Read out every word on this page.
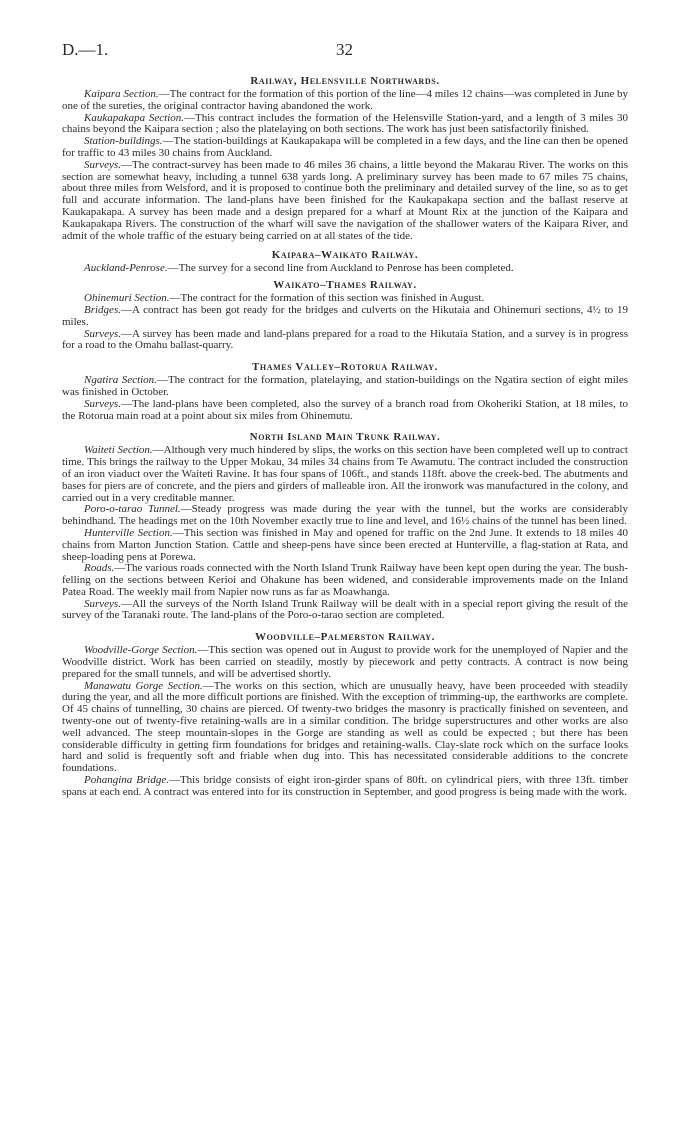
D.—1.	32
Railway, Helensville Northwards.

Kaipara Section.—The contract for the formation of this portion of the line—4 miles 12 chains—was completed in June by one of the sureties, the original contractor having abandoned the work.

Kaukapakapa Section.—This contract includes the formation of the Helensville Station-yard, and a length of 3 miles 30 chains beyond the Kaipara section ; also the platelaying on both sections. The work has just been satisfactorily finished.

Station-buildings.—The station-buildings at Kaukapakapa will be completed in a few days, and the line can then be opened for traffic to 43 miles 30 chains from Auckland.

Surveys.—The contract-survey has been made to 46 miles 36 chains, a little beyond the Makarau River. The works on this section are somewhat heavy, including a tunnel 638 yards long. A preliminary survey has been made to 67 miles 75 chains, about three miles from Welsford, and it is proposed to continue both the preliminary and detailed survey of the line, so as to get full and accurate information. The land-plans have been finished for the Kaukapakapa section and the ballast reserve at Kaukapakapa. A survey has been made and a design prepared for a wharf at Mount Rix at the junction of the Kaipara and Kaukapakapa Rivers. The construction of the wharf will save the navigation of the shallower waters of the Kaipara River, and admit of the whole traffic of the estuary being carried on at all states of the tide.

Kaipara–Waikato Railway.

Auckland-Penrose.—The survey for a second line from Auckland to Penrose has been completed.

Waikato–Thames Railway.

Ohinemuri Section.—The contract for the formation of this section was finished in August.

Bridges.—A contract has been got ready for the bridges and culverts on the Hikutaia and Ohinemuri sections, 4½ to 19 miles.

Surveys.—A survey has been made and land-plans prepared for a road to the Hikutaia Station, and a survey is in progress for a road to the Omahu ballast-quarry.

Thames Valley–Rotorua Railway.

Ngatira Section.—The contract for the formation, platelaying, and station-buildings on the Ngatira section of eight miles was finished in October.

Surveys.—The land-plans have been completed, also the survey of a branch road from Okoheriki Station, at 18 miles, to the Rotorua main road at a point about six miles from Ohinemutu.

North Island Main Trunk Railway.

Waiteti Section.—Although very much hindered by slips, the works on this section have been completed well up to contract time. This brings the railway to the Upper Mokau, 34 miles 34 chains from Te Awamutu. The contract included the construction of an iron viaduct over the Waiteti Ravine. It has four spans of 106ft., and stands 118ft. above the creek-bed. The abutments and bases for piers are of concrete, and the piers and girders of malleable iron. All the ironwork was manufactured in the colony, and carried out in a very creditable manner.

Poro-o-tarao Tunnel.—Steady progress was made during the year with the tunnel, but the works are considerably behindhand. The headings met on the 10th November exactly true to line and level, and 16½ chains of the tunnel has been lined.

Hunterville Section.—This section was finished in May and opened for traffic on the 2nd June. It extends to 18 miles 40 chains from Marton Junction Station. Cattle and sheep-pens have since been erected at Hunterville, a flag-station at Rata, and sheep-loading pens at Porewa.

Roads.—The various roads connected with the North Island Trunk Railway have been kept open during the year. The bush-felling on the sections between Kerioi and Ohakune has been widened, and considerable improvements made on the Inland Patea Road. The weekly mail from Napier now runs as far as Moawhanga.

Surveys.—All the surveys of the North Island Trunk Railway will be dealt with in a special report giving the result of the survey of the Taranaki route. The land-plans of the Poro-o-tarao section are completed.

Woodville–Palmerston Railway.

Woodville-Gorge Section.—This section was opened out in August to provide work for the unemployed of Napier and the Woodville district. Work has been carried on steadily, mostly by piecework and petty contracts. A contract is now being prepared for the small tunnels, and will be advertised shortly.

Manawatu Gorge Section.—The works on this section, which are unusually heavy, have been proceeded with steadily during the year, and all the more difficult portions are finished. With the exception of trimming-up, the earthworks are complete. Of 45 chains of tunnelling, 30 chains are pierced. Of twenty-two bridges the masonry is practically finished on seventeen, and twenty-one out of twenty-five retaining-walls are in a similar condition. The bridge superstructures and other works are also well advanced. The steep mountain-slopes in the Gorge are standing as well as could be expected ; but there has been considerable difficulty in getting firm foundations for bridges and retaining-walls. Clay-slate rock which on the surface looks hard and solid is frequently soft and friable when dug into. This has necessitated considerable additions to the concrete foundations.

Pohangina Bridge.—This bridge consists of eight iron-girder spans of 80ft. on cylindrical piers, with three 13ft. timber spans at each end. A contract was entered into for its construction in September, and good progress is being made with the work.
